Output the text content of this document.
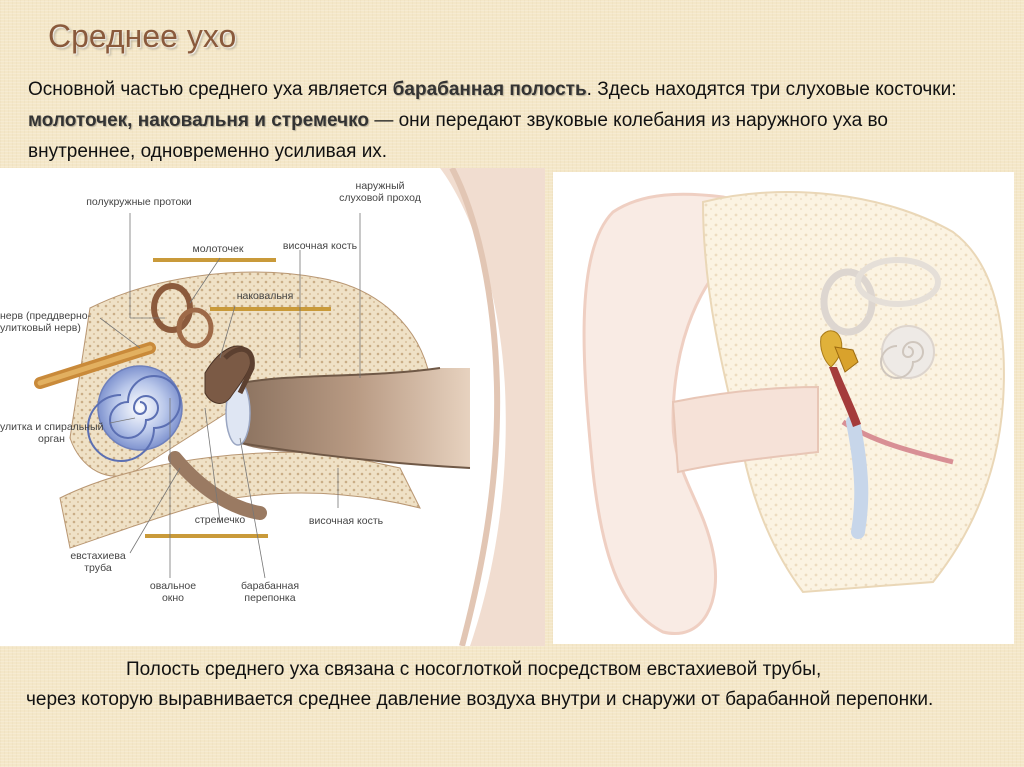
Среднее ухо

Основной частью среднего уха является барабанная полость. Здесь находятся три слуховые косточки: молоточек, наковальня и стремечко — они передают звуковые колебания из наружного уха во внутреннее, одновременно усиливая их.

полукружные протоки
молоточек
наковальня
нерв (преддверно-
улитковый нерв)
наружный
слуховой проход
височная кость
улитка и спиральный
орган
стремечко	височная кость
евстахиева
труба
овальное
окно
барабанная
перепонка

Полость среднего уха связана с носоглоткой посредством евстахиевой трубы,
через которую выравнивается среднее давление воздуха внутри и снаружи от барабанной перепонки.
